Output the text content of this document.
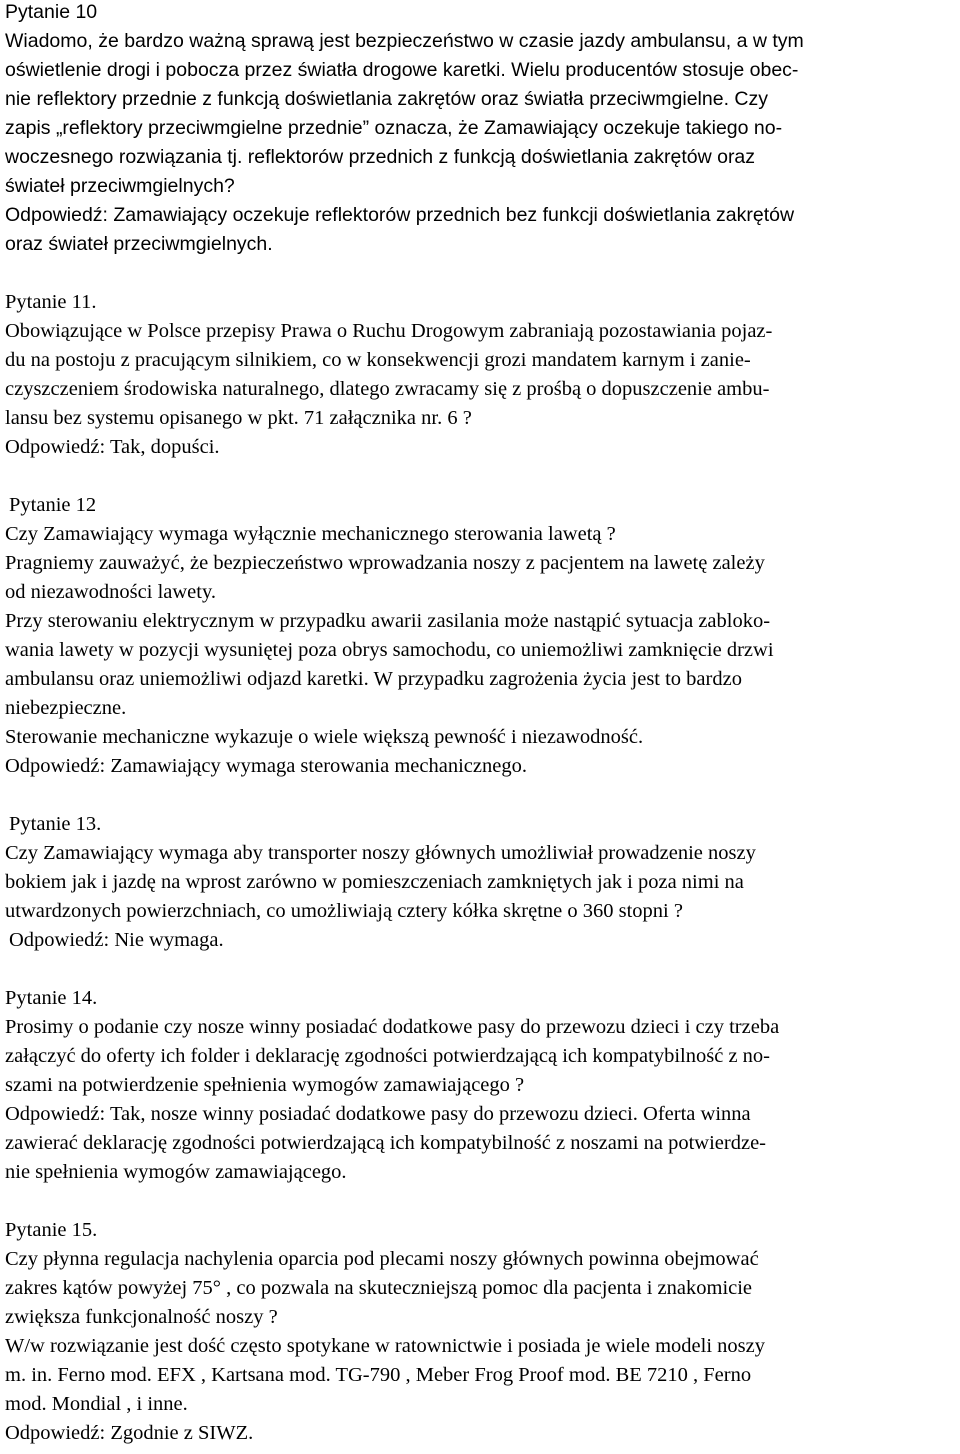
Pytanie 10
Wiadomo, że bardzo ważną sprawą jest bezpieczeństwo w czasie jazdy ambulansu, a w tym
oświetlenie drogi i pobocza przez światła drogowe karetki. Wielu producentów stosuje obec-
nie reflektory przednie z funkcją doświetlania zakrętów oraz światła przeciwmgielne. Czy
zapis „reflektory przeciwmgielne przednie” oznacza, że Zamawiający oczekuje takiego no-
woczesnego rozwiązania tj. reflektorów przednich z funkcją doświetlania zakrętów oraz
świateł przeciwmgielnych?
Odpowiedź: Zamawiający oczekuje reflektorów przednich bez funkcji doświetlania zakrętów
oraz świateł przeciwmgielnych.
Pytanie 11.
Obowiązujące w Polsce przepisy Prawa o Ruchu Drogowym zabraniają pozostawiania pojaz-
du na postoju z pracującym silnikiem, co w konsekwencji grozi mandatem karnym i zanie-
czyszczeniem środowiska naturalnego, dlatego zwracamy się z prośbą o dopuszczenie ambu-
lansu bez systemu opisanego w pkt. 71 załącznika nr. 6 ?
Odpowiedź: Tak, dopuści.
Pytanie 12
Czy Zamawiający wymaga wyłącznie mechanicznego sterowania lawetą ?
Pragniemy zauważyć, że bezpieczeństwo wprowadzania noszy z pacjentem na lawetę zależy
od niezawodności lawety.
Przy sterowaniu elektrycznym w przypadku awarii zasilania może nastąpić sytuacja zabloko-
wania lawety w pozycji wysuniętej poza obrys samochodu, co uniemożliwi zamknięcie drzwi
ambulansu oraz uniemożliwi odjazd karetki. W przypadku zagrożenia życia jest to bardzo
niebezpieczne.
Sterowanie mechaniczne wykazuje o wiele większą pewność i niezawodność.
Odpowiedź: Zamawiający wymaga sterowania mechanicznego.
Pytanie 13.
Czy Zamawiający wymaga aby transporter noszy głównych umożliwiał prowadzenie noszy
bokiem jak i jazdę na wprost zarówno w pomieszczeniach zamkniętych jak i poza nimi na
utwardzonych powierzchniach, co umożliwiają cztery kółka skrętne o 360 stopni ?
Odpowiedź: Nie wymaga.
Pytanie 14.
Prosimy o podanie czy nosze winny posiadać dodatkowe pasy do przewozu dzieci i czy trzeba
załączyć do oferty ich folder i deklarację zgodności potwierdzającą ich kompatybilność z no-
szami na potwierdzenie spełnienia wymogów zamawiającego ?
Odpowiedź: Tak, nosze winny posiadać dodatkowe pasy do przewozu dzieci. Oferta winna
zawierać deklarację zgodności potwierdzającą ich kompatybilność z noszami na potwierdze-
nie spełnienia wymogów zamawiającego.
Pytanie 15.
Czy płynna regulacja nachylenia oparcia pod plecami noszy głównych powinna obejmować
zakres kątów powyżej 75° , co pozwala na skuteczniejszą pomoc dla pacjenta i znakomicie
zwiększa funkcjonalność noszy ?
W/w rozwiązanie jest dość często spotykane w ratownictwie i posiada je wiele modeli noszy
m. in. Ferno mod. EFX , Kartsana mod. TG-790 , Meber Frog Proof mod. BE 7210 , Ferno
mod. Mondial , i inne.
Odpowiedź: Zgodnie z SIWZ.
